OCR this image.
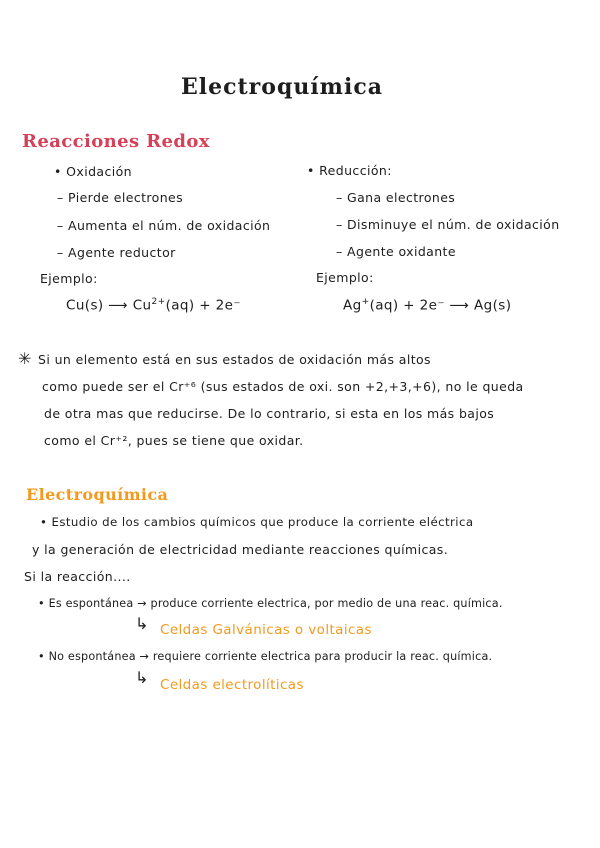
Electroquímica
Reacciones Redox
• Oxidación
– Pierde electrones
– Aumenta el núm. de oxidación
– Agente reductor
Ejemplo:
Cu(s) ⟶ $Cu^{2+}(aq) + 2e^-$
• Reducción:
– Gana electrones
– Disminuye el núm. de oxidación
– Agente oxidante
Ejemplo:
Ag+(aq) + 2e⁻ ⟶ Ag(s)
✳ Si un elemento está en sus estados de oxidación más altos
como puede ser el Cr⁺⁶ (sus estados de oxi. son +2,+3,+6), no le queda
de otra mas que reducirse. De lo contrario, si esta en los más bajos
como el Cr⁺², pues se tiene que oxidar.
Electroquímica
• Estudio de los cambios químicos que produce la corriente eléctrica
y la generación de electricidad mediante reacciones químicas.
Si la reacción....
• Es espontánea → produce corriente electrica, por medio de una reac. química.
↳ Celdas Galvánicas o voltaicas
• No espontánea → requiere corriente electrica para producir la reac. química.
↳ Celdas electrolíticas
